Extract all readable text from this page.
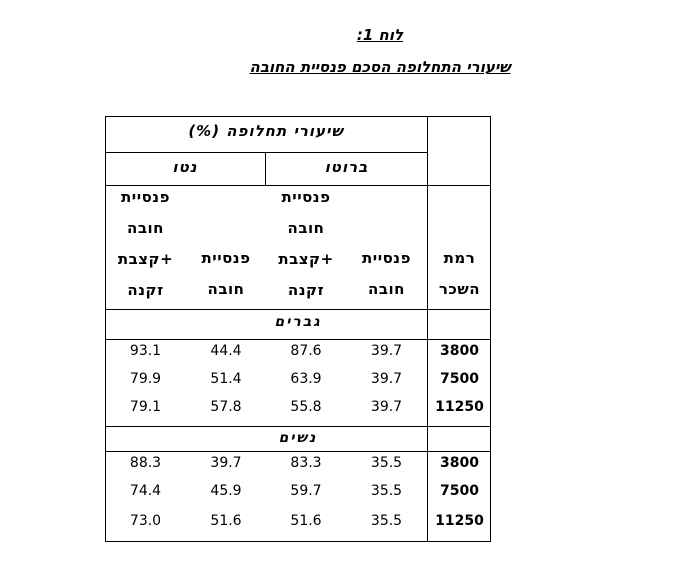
לוח 1:
שיעורי התחלופה הסכם פנסיית החובה
שיעורי תחלופה (%)
ברוטו
נטו
רמת
השכר
פנסיית
חובה
פנסיית
חובה
+קצבת
זקנה
פנסיית
חובה
פנסיית
חובה
+קצבת
זקנה
גברים
3800
39.7
87.6
44.4
93.1
7500
39.7
63.9
51.4
79.9
11250
39.7
55.8
57.8
79.1
נשים
3800
35.5
83.3
39.7
88.3
7500
35.5
59.7
45.9
74.4
11250
35.5
51.6
51.6
73.0
